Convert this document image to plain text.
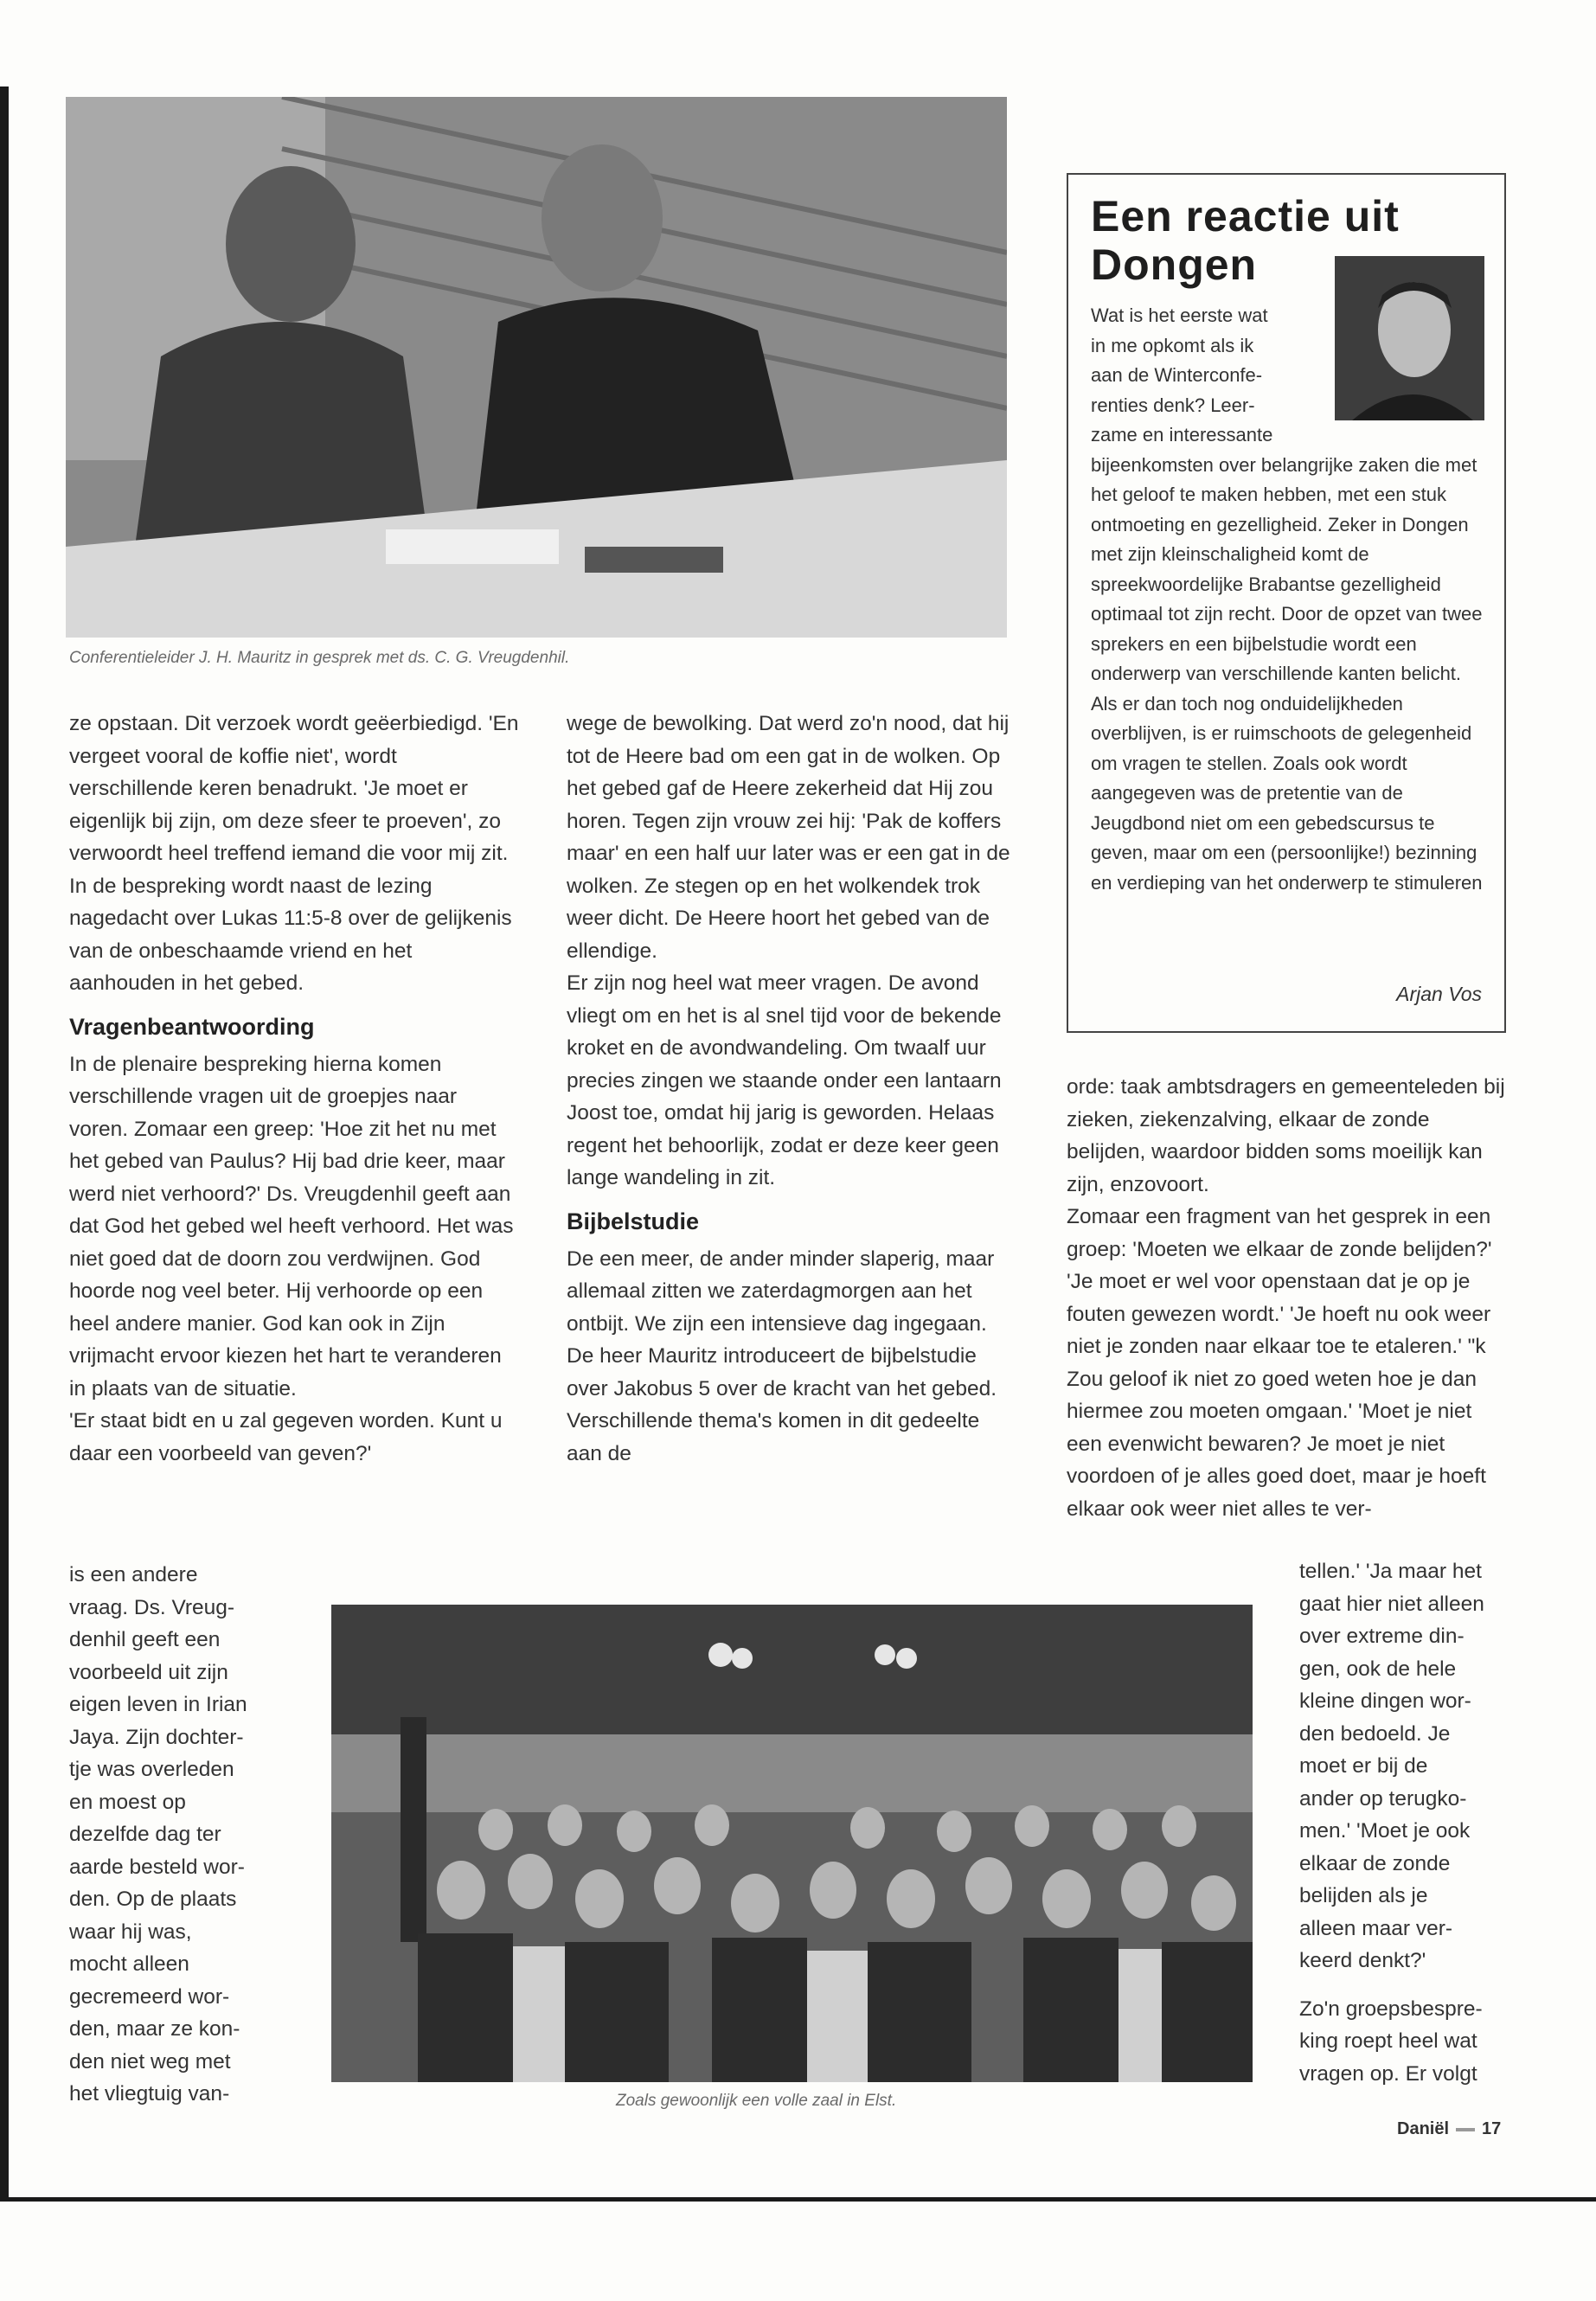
Conferentieleider J. H. Mauritz in gesprek met ds. C. G. Vreugdenhil.
Een reactie uit
Dongen
Wat is het eerste wat
in me opkomt als ik
aan de Winterconfe-
renties denk? Leer-
zame en interessante

bijeenkomsten over belangrijke zaken die met het geloof te maken hebben, met een stuk ontmoeting en gezelligheid. Zeker in Dongen met zijn kleinschaligheid komt de spreekwoordelijke Brabantse gezelligheid optimaal tot zijn recht. Door de opzet van twee sprekers en een bijbelstudie wordt een onderwerp van verschillende kanten belicht. Als er dan toch nog onduidelijkheden overblijven, is er ruimschoots de gelegenheid om vragen te stellen. Zoals ook wordt aangegeven was de pretentie van de Jeugdbond niet om een gebedscursus te geven, maar om een (persoonlijke!) bezinning en verdieping van het onderwerp te stimuleren

Arjan Vos

ze opstaan. Dit verzoek wordt geëerbiedigd. 'En vergeet vooral de koffie niet', wordt verschillende keren benadrukt. 'Je moet er eigenlijk bij zijn, om deze sfeer te proeven', zo verwoordt heel treffend iemand die voor mij zit.

In de bespreking wordt naast de lezing nagedacht over Lukas 11:5-8 over de gelijkenis van de onbeschaamde vriend en het aanhouden in het gebed.

Vragenbeantwoording

In de plenaire bespreking hierna komen verschillende vragen uit de groepjes naar voren. Zomaar een greep: 'Hoe zit het nu met het gebed van Paulus? Hij bad drie keer, maar werd niet verhoord?' Ds. Vreugdenhil geeft aan dat God het gebed wel heeft verhoord. Het was niet goed dat de doorn zou verdwijnen. God hoorde nog veel beter. Hij verhoorde op een heel andere manier. God kan ook in Zijn vrijmacht ervoor kiezen het hart te veranderen in plaats van de situatie.

'Er staat bidt en u zal gegeven worden. Kunt u daar een voorbeeld van geven?'

is een andere
vraag. Ds. Vreug-
denhil geeft een
voorbeeld uit zijn
eigen leven in Irian
Jaya. Zijn dochter-
tje was overleden
en moest op
dezelfde dag ter
aarde besteld wor-
den. Op de plaats
waar hij was,
mocht alleen
gecremeerd wor-
den, maar ze kon-
den niet weg met
het vliegtuig van-

wege de bewolking. Dat werd zo'n nood, dat hij tot de Heere bad om een gat in de wolken. Op het gebed gaf de Heere zekerheid dat Hij zou horen. Tegen zijn vrouw zei hij: 'Pak de koffers maar' en een half uur later was er een gat in de wolken. Ze stegen op en het wolkendek trok weer dicht. De Heere hoort het gebed van de ellendige.

Er zijn nog heel wat meer vragen. De avond vliegt om en het is al snel tijd voor de bekende kroket en de avondwandeling. Om twaalf uur precies zingen we staande onder een lantaarn Joost toe, omdat hij jarig is geworden. Helaas regent het behoorlijk, zodat er deze keer geen lange wandeling in zit.

Bijbelstudie

De een meer, de ander minder slaperig, maar allemaal zitten we zaterdagmorgen aan het ontbijt. We zijn een intensieve dag ingegaan. De heer Mauritz introduceert de bijbelstudie over Jakobus 5 over de kracht van het gebed. Verschillende thema's komen in dit gedeelte aan de

orde: taak ambtsdragers en gemeenteleden bij zieken, ziekenzalving, elkaar de zonde belijden, waardoor bidden soms moeilijk kan zijn, enzovoort.

Zomaar een fragment van het gesprek in een groep: 'Moeten we elkaar de zonde belijden?' 'Je moet er wel voor openstaan dat je op je fouten gewezen wordt.' 'Je hoeft nu ook weer niet je zonden naar elkaar toe te etaleren.' "k Zou geloof ik niet zo goed weten hoe je dan hiermee zou moeten omgaan.' 'Moet je niet een evenwicht bewaren? Je moet je niet voordoen of je alles goed doet, maar je hoeft elkaar ook weer niet alles te ver-

tellen.' 'Ja maar het
gaat hier niet alleen
over extreme din-
gen, ook de hele
kleine dingen wor-
den bedoeld. Je
moet er bij de
ander op terugko-
men.' 'Moet je ook
elkaar de zonde
belijden als je
alleen maar ver-
keerd denkt?'
Zo'n groepsbespre-
king roept heel wat
vragen op. Er volgt
Zoals gewoonlijk een volle zaal in Elst.
Daniël 17
